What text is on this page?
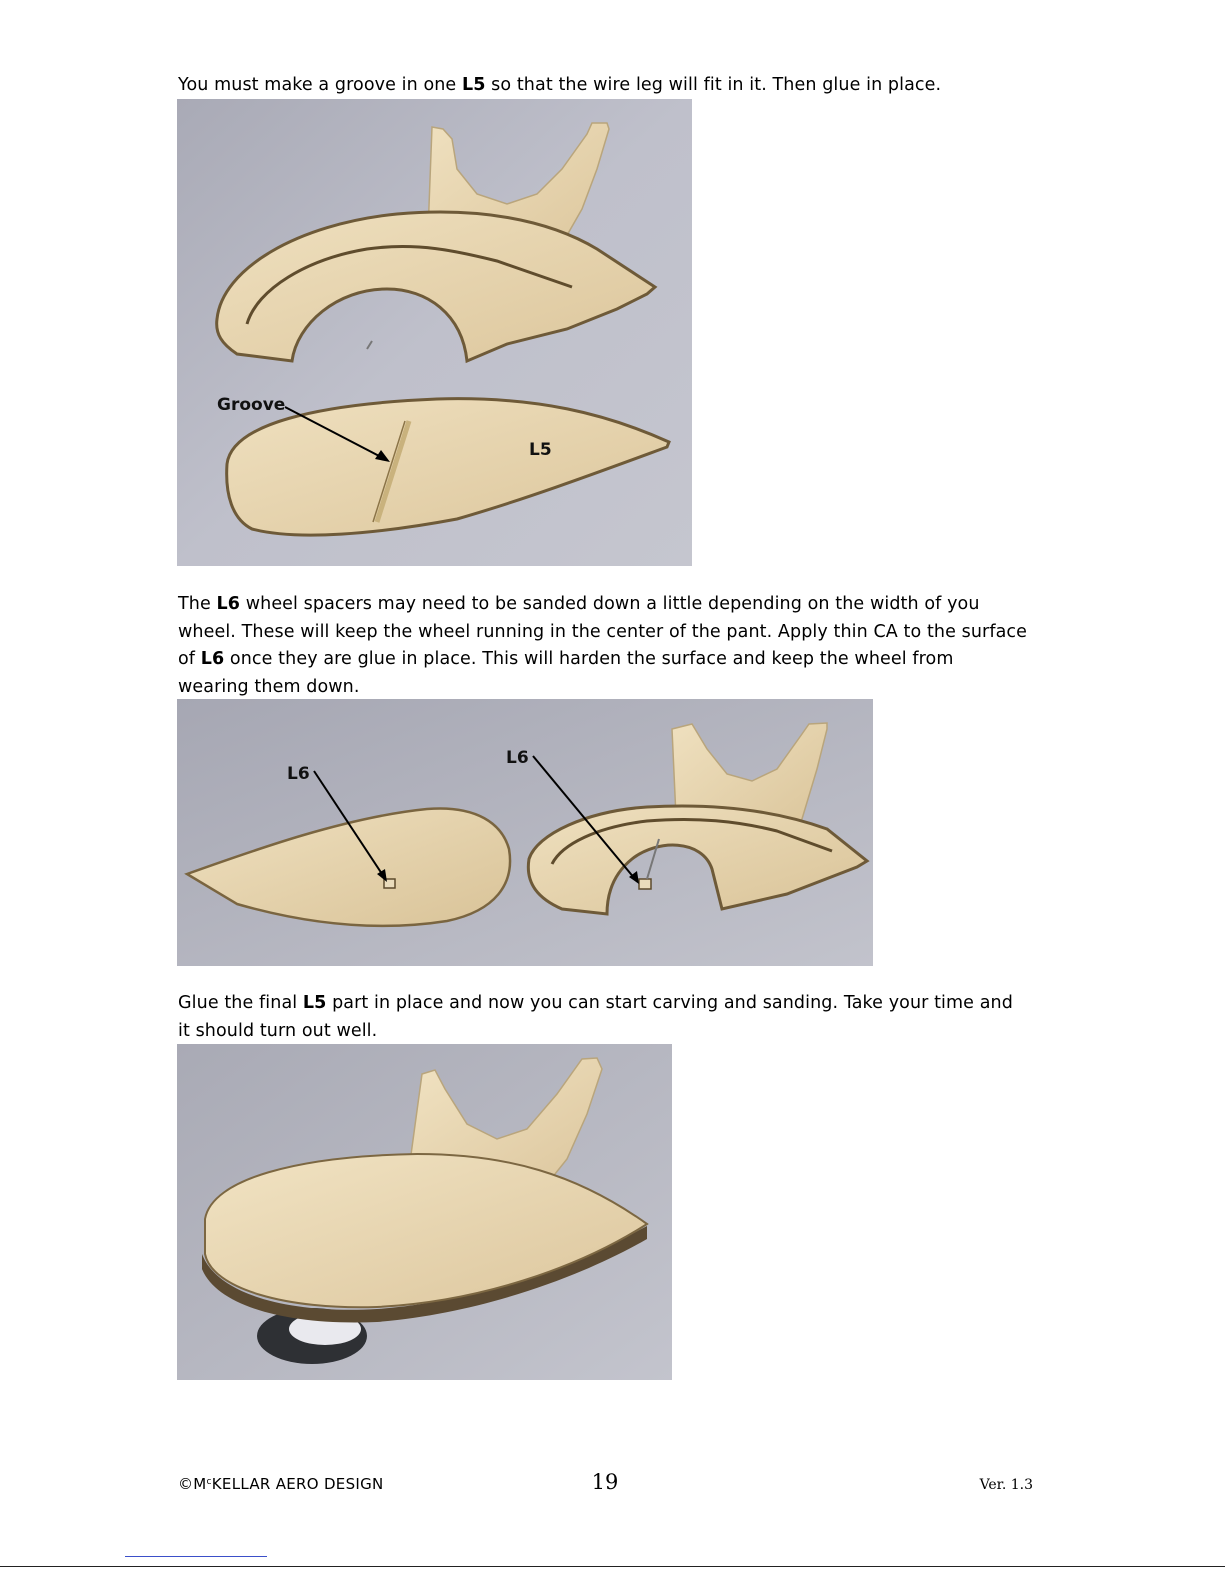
You must make a groove in one L5 so that the wire leg will fit in it. Then glue in place.
Groove
L5
The L6 wheel spacers may need to be sanded down a little depending on the width of you wheel. These will keep the wheel running in the center of the pant. Apply thin CA to the surface of L6 once they are glue in place. This will harden the surface and keep the wheel from wearing them down.
L6
L6
Glue the final L5 part in place and now you can start carving and sanding. Take your time and it should turn out well.
$©M^cKELLAR$ AERO DESIGN	19	Ver. 1.3
